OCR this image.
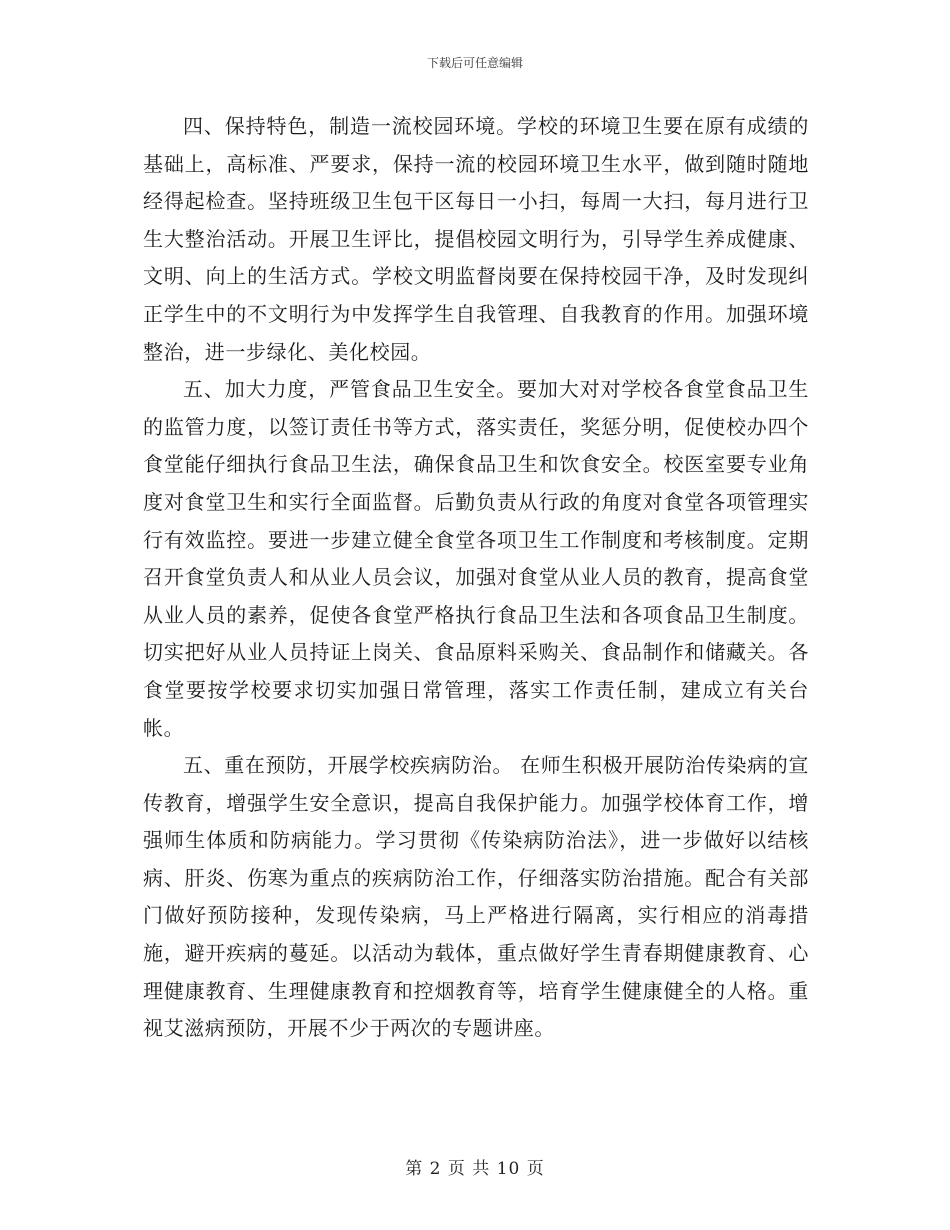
下载后可任意编辑

四、保持特色，制造一流校园环境。学校的环境卫生要在原有成绩的基础上，高标准、严要求，保持一流的校园环境卫生水平，做到随时随地经得起检查。坚持班级卫生包干区每日一小扫，每周一大扫，每月进行卫生大整治活动。开展卫生评比，提倡校园文明行为，引导学生养成健康、文明、向上的生活方式。学校文明监督岗要在保持校园干净，及时发现纠正学生中的不文明行为中发挥学生自我管理、自我教育的作用。加强环境整治，进一步绿化、美化校园。

五、加大力度，严管食品卫生安全。要加大对对学校各食堂食品卫生的监管力度，以签订责任书等方式，落实责任，奖惩分明，促使校办四个食堂能仔细执行食品卫生法，确保食品卫生和饮食安全。校医室要专业角度对食堂卫生和实行全面监督。后勤负责从行政的角度对食堂各项管理实行有效监控。要进一步建立健全食堂各项卫生工作制度和考核制度。定期召开食堂负责人和从业人员会议，加强对食堂从业人员的教育，提高食堂从业人员的素养，促使各食堂严格执行食品卫生法和各项食品卫生制度。切实把好从业人员持证上岗关、食品原料采购关、食品制作和储藏关。各食堂要按学校要求切实加强日常管理，落实工作责任制，建成立有关台帐。

五、重在预防，开展学校疾病防治。 在师生积极开展防治传染病的宣传教育，增强学生安全意识，提高自我保护能力。加强学校体育工作，增强师生体质和防病能力。学习贯彻《传染病防治法》，进一步做好以结核病、肝炎、伤寒为重点的疾病防治工作，仔细落实防治措施。配合有关部门做好预防接种，发现传染病，马上严格进行隔离，实行相应的消毒措施，避开疾病的蔓延。以活动为载体，重点做好学生青春期健康教育、心理健康教育、生理健康教育和控烟教育等，培育学生健康健全的人格。重视艾滋病预防，开展不少于两次的专题讲座。

第 2 页 共 10 页
